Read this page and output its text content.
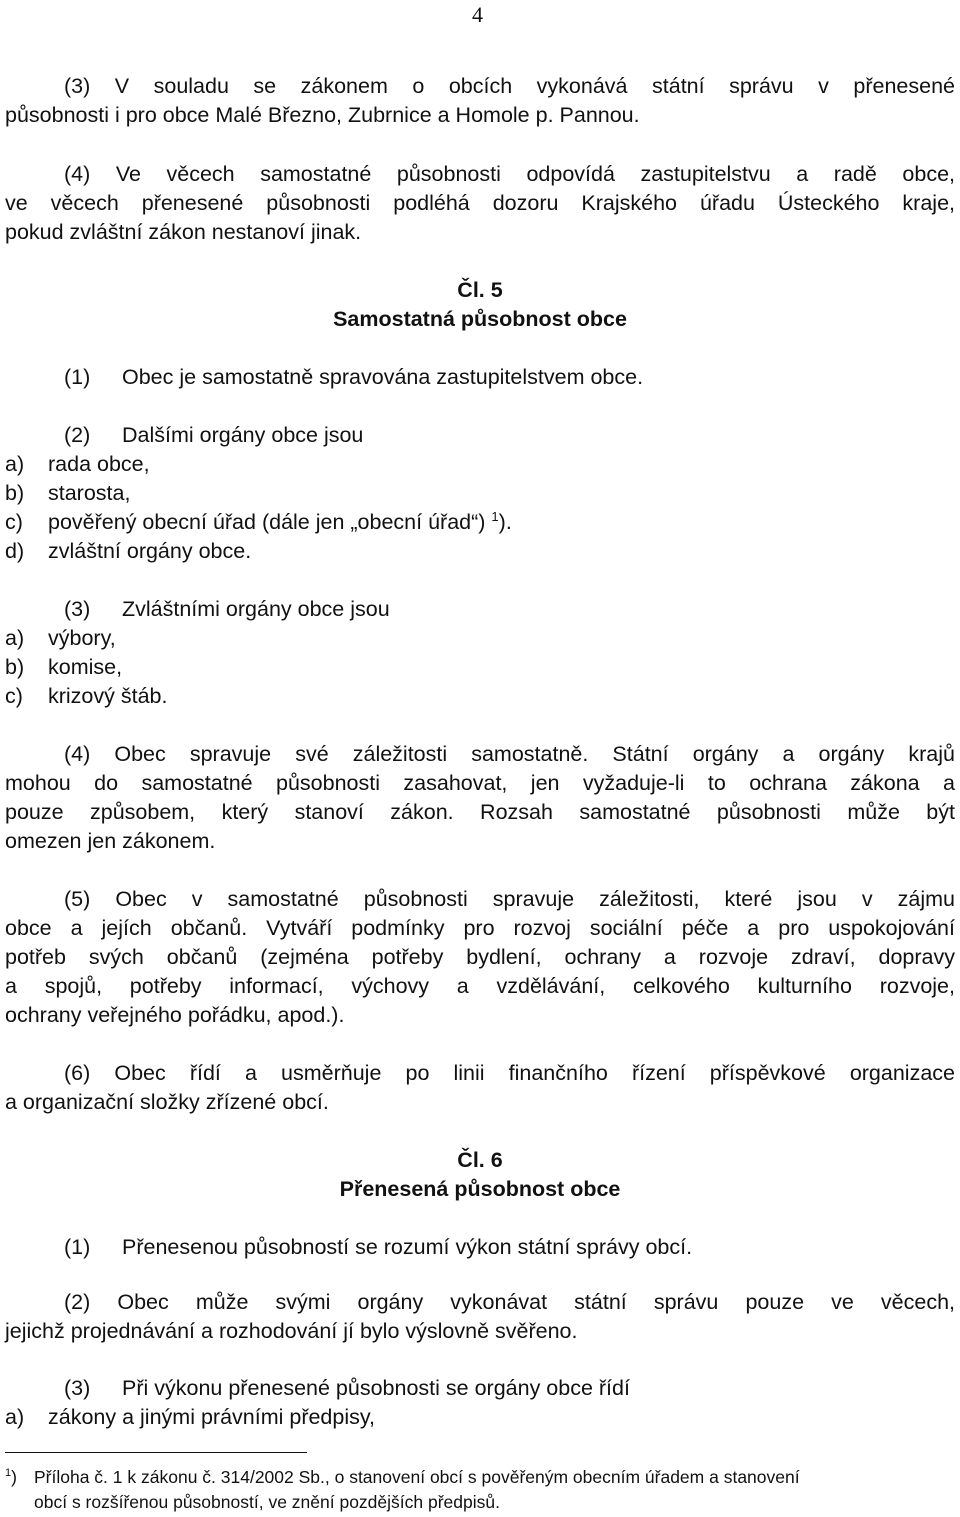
4
(3) V souladu se zákonem o obcích vykonává státní správu v přenesené
působnosti i pro obce Malé Březno, Zubrnice a Homole p. Pannou.
(4) Ve věcech samostatné působnosti odpovídá zastupitelstvu a radě obce,
ve věcech přenesené působnosti podléhá dozoru Krajského úřadu Ústeckého kraje,
pokud zvláštní zákon nestanoví jinak.
Čl. 5
Samostatná působnost obce
(1) Obec je samostatně spravována zastupitelstvem obce.
(2) Dalšími orgány obce jsou
a) rada obce,
b) starosta,
c) pověřený obecní úřad (dále jen „obecní úřad“) $^1$).
d) zvláštní orgány obce.
(3) Zvláštními orgány obce jsou
a) výbory,
b) komise,
c) krizový štáb.
(4) Obec spravuje své záležitosti samostatně. Státní orgány a orgány krajů
mohou do samostatné působnosti zasahovat, jen vyžaduje-li to ochrana zákona a
pouze způsobem, který stanoví zákon. Rozsah samostatné působnosti může být
omezen jen zákonem.
(5) Obec v samostatné působnosti spravuje záležitosti, které jsou v zájmu
obce a jejích občanů. Vytváří podmínky pro rozvoj sociální péče a pro uspokojování
potřeb svých občanů (zejména potřeby bydlení, ochrany a rozvoje zdraví, dopravy
a spojů, potřeby informací, výchovy a vzdělávání, celkového kulturního rozvoje,
ochrany veřejného pořádku, apod.).
(6) Obec řídí a usměrňuje po linii finančního řízení příspěvkové organizace
a organizační složky zřízené obcí.
Čl. 6
Přenesená působnost obce
(1) Přenesenou působností se rozumí výkon státní správy obcí.
(2) Obec může svými orgány vykonávat státní správu pouze ve věcech,
jejichž projednávání a rozhodování jí bylo výslovně svěřeno.
(3) Při výkonu přenesené působnosti se orgány obce řídí
a) zákony a jinými právními předpisy,
$^1$) Příloha č. 1 k zákonu č. 314/2002 Sb., o stanovení obcí s pověřeným obecním úřadem a stanovení
obcí s rozšířenou působností, ve znění pozdějších předpisů.
